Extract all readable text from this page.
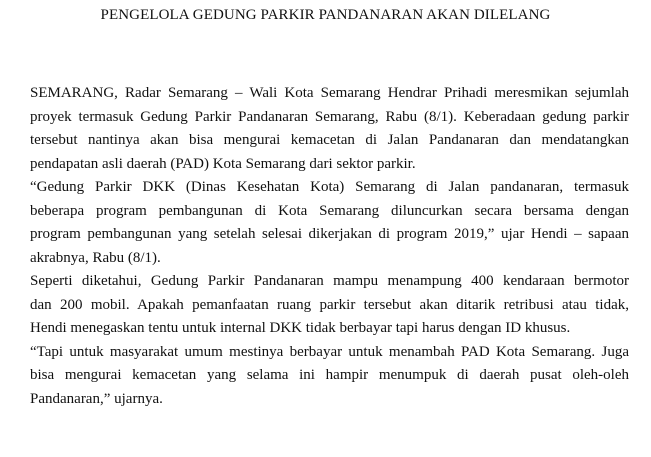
PENGELOLA GEDUNG PARKIR PANDANARAN AKAN DILELANG

SEMARANG, Radar Semarang – Wali Kota Semarang Hendrar Prihadi meresmikan sejumlah
proyek termasuk Gedung Parkir Pandanaran Semarang, Rabu (8/1). Keberadaan gedung parkir
tersebut nantinya akan bisa mengurai kemacetan di Jalan Pandanaran dan mendatangkan
pendapatan asli daerah (PAD) Kota Semarang dari sektor parkir.

“Gedung Parkir DKK (Dinas Kesehatan Kota) Semarang di Jalan pandanaran, termasuk
beberapa program pembangunan di Kota Semarang diluncurkan secara bersama dengan
program pembangunan yang setelah selesai dikerjakan di program 2019,” ujar Hendi – sapaan
akrabnya, Rabu (8/1).

Seperti diketahui, Gedung Parkir Pandanaran mampu menampung 400 kendaraan bermotor
dan 200 mobil. Apakah pemanfaatan ruang parkir tersebut akan ditarik retribusi atau tidak,
Hendi menegaskan tentu untuk internal DKK tidak berbayar tapi harus dengan ID khusus.

“Tapi untuk masyarakat umum mestinya berbayar untuk menambah PAD Kota Semarang. Juga
bisa mengurai kemacetan yang selama ini hampir menumpuk di daerah pusat oleh-oleh
Pandanaran,” ujarnya.
